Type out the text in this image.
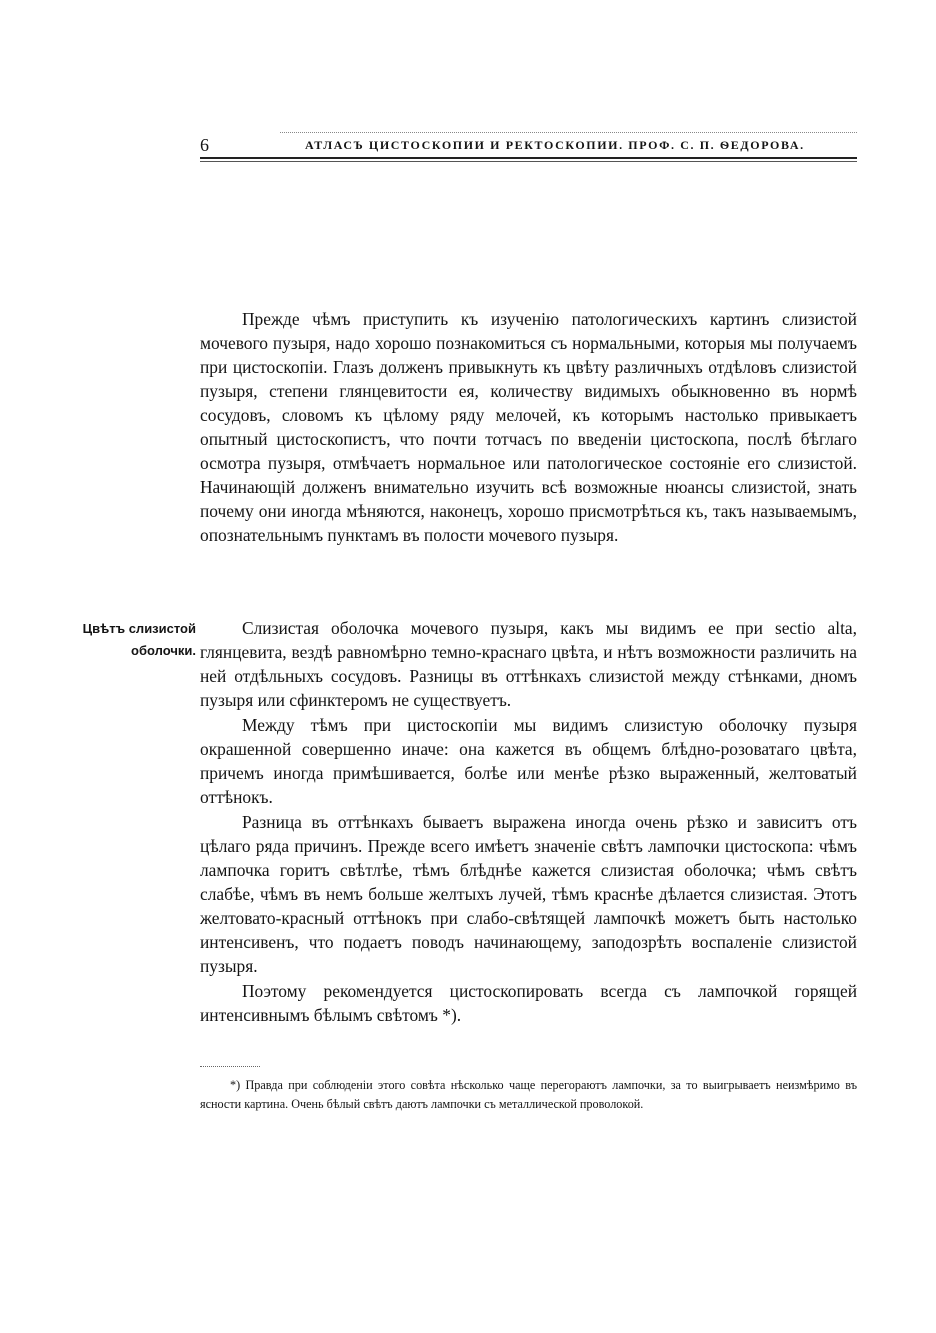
6	АТЛАСЪ ЦИСТОСКОПИИ И РЕКТОСКОПИИ. ПРОФ. С. П. ѲЕДОРОВА.

Прежде чѣмъ приступить къ изученію патологическихъ картинъ слизистой мочевого пузыря, надо хорошо познакомиться съ нормальными, которыя мы получаемъ при цистоскопіи. Глазъ долженъ привыкнуть къ цвѣту различныхъ отдѣловъ слизистой пузыря, степени глянцевитости ея, количеству видимыхъ обыкновенно въ нормѣ сосудовъ, словомъ къ цѣлому ряду мелочей, къ которымъ настолько привыкаетъ опытный цистоскопистъ, что почти тотчасъ по введеніи цистоскопа, послѣ бѣглаго осмотра пузыря, отмѣчаетъ нормальное или патологическое состояніе его слизистой. Начинающій долженъ внимательно изучить всѣ возможные нюансы слизистой, знать почему они иногда мѣняются, наконецъ, хорошо присмотрѣться къ, такъ называемымъ, опознательнымъ пунктамъ въ полости мочевого пузыря.

Цвѣтъ слизистой оболочки.

Слизистая оболочка мочевого пузыря, какъ мы видимъ ее при sectio alta, глянцевита, вездѣ равномѣрно темно-краснаго цвѣта, и нѣтъ возможности различить на ней отдѣльныхъ сосудовъ. Разницы въ оттѣнкахъ слизистой между стѣнками, дномъ пузыря или сфинктеромъ не существуетъ.

Между тѣмъ при цистоскопіи мы видимъ слизистую оболочку пузыря окрашенной совершенно иначе: она кажется въ общемъ блѣдно-розоватаго цвѣта, причемъ иногда примѣшивается, болѣе или менѣе рѣзко выраженный, желтоватый оттѣнокъ.

Разница въ оттѣнкахъ бываетъ выражена иногда очень рѣзко и зависитъ отъ цѣлаго ряда причинъ. Прежде всего имѣетъ значеніе свѣтъ лампочки цистоскопа: чѣмъ лампочка горитъ свѣтлѣе, тѣмъ блѣднѣе кажется слизистая оболочка; чѣмъ свѣтъ слабѣе, чѣмъ въ немъ больше желтыхъ лучей, тѣмъ краснѣе дѣлается слизистая. Этотъ желтовато-красный оттѣнокъ при слабо-свѣтящей лампочкѣ можетъ быть настолько интенсивенъ, что подаетъ поводъ начинающему, заподозрѣть воспаленіе слизистой пузыря.

Поэтому рекомендуется цистоскопировать всегда съ лампочкой горящей интенсивнымъ бѣлымъ свѣтомъ *).

*) Правда при соблюденіи этого совѣта нѣсколько чаще перегораютъ лампочки, за то выигрываетъ неизмѣримо въ ясности картина. Очень бѣлый свѣтъ даютъ лампочки съ металлической проволокой.
